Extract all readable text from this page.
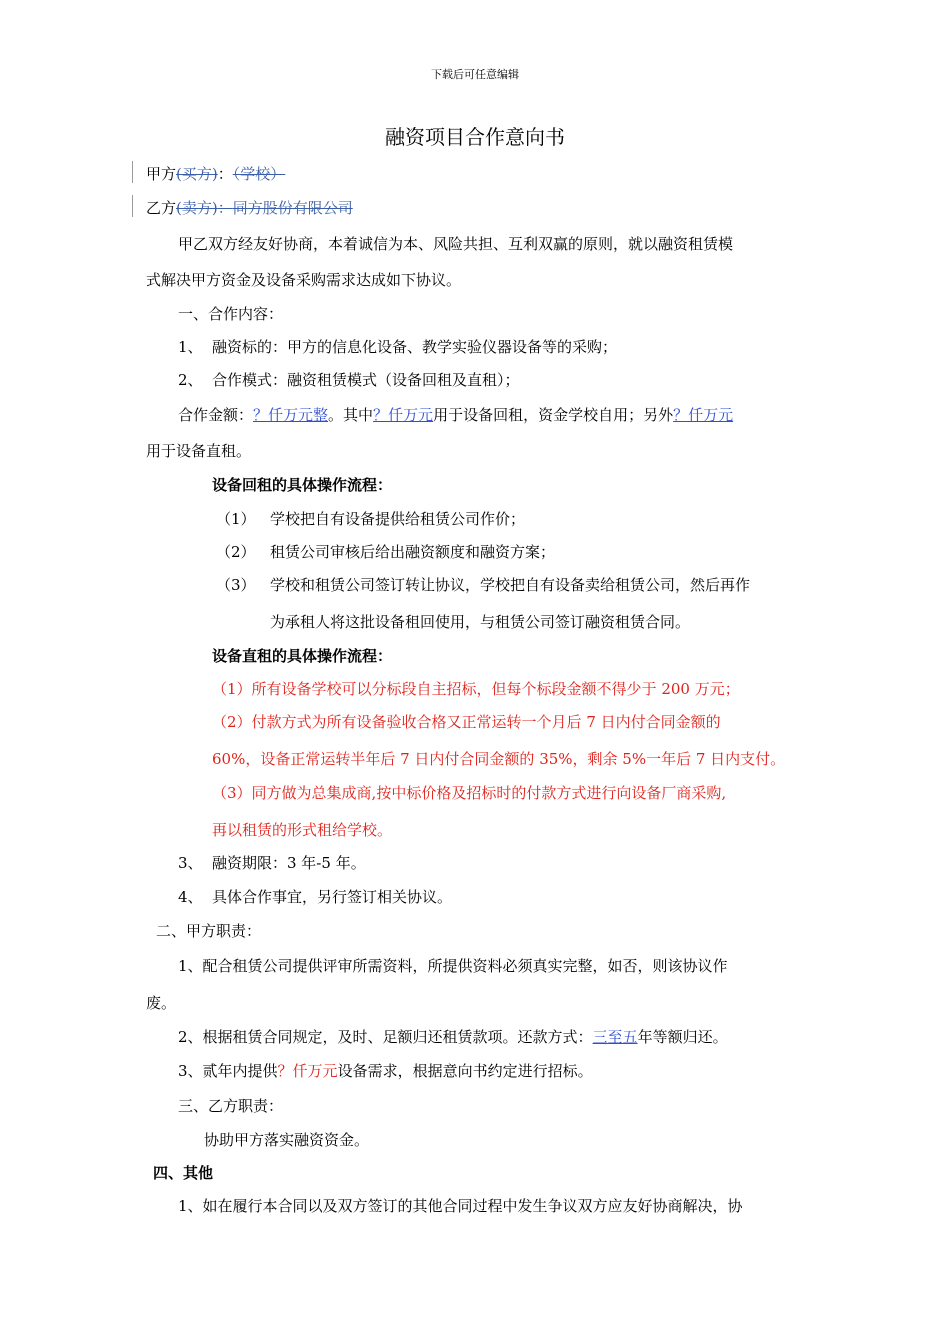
下载后可任意编辑
融资项目合作意向书
甲方(买方)：（学校）
乙方(卖方)：同方股份有限公司
甲乙双方经友好协商，本着诚信为本、风险共担、互利双赢的原则，就以融资租赁模
式解决甲方资金及设备采购需求达成如下协议。
一、合作内容：
1、 融资标的：甲方的信息化设备、教学实验仪器设备等的采购；
2、 合作模式：融资租赁模式（设备回租及直租）；
合作金额：？仟万元整。其中？仟万元用于设备回租，资金学校自用；另外？仟万元
用于设备直租。
设备回租的具体操作流程：
（1） 学校把自有设备提供给租赁公司作价；
（2） 租赁公司审核后给出融资额度和融资方案；
（3） 学校和租赁公司签订转让协议，学校把自有设备卖给租赁公司，然后再作
为承租人将这批设备租回使用，与租赁公司签订融资租赁合同。
设备直租的具体操作流程：
（1）所有设备学校可以分标段自主招标，但每个标段金额不得少于 200 万元；
（2）付款方式为所有设备验收合格又正常运转一个月后 7 日内付合同金额的
60%，设备正常运转半年后 7 日内付合同金额的 35%，剩余 5%一年后 7 日内支付。
（3）同方做为总集成商,按中标价格及招标时的付款方式进行向设备厂商采购,
再以租赁的形式租给学校。
3、 融资期限：3 年-5 年。
4、 具体合作事宜，另行签订相关协议。
二、甲方职责：
1、配合租赁公司提供评审所需资料，所提供资料必须真实完整，如否，则该协议作
废。
2、根据租赁合同规定，及时、足额归还租赁款项。还款方式：三至五年等额归还。
3、贰年内提供？仟万元设备需求，根据意向书约定进行招标。
三、乙方职责：
协助甲方落实融资资金。
四、其他
1、如在履行本合同以及双方签订的其他合同过程中发生争议双方应友好协商解决，协
